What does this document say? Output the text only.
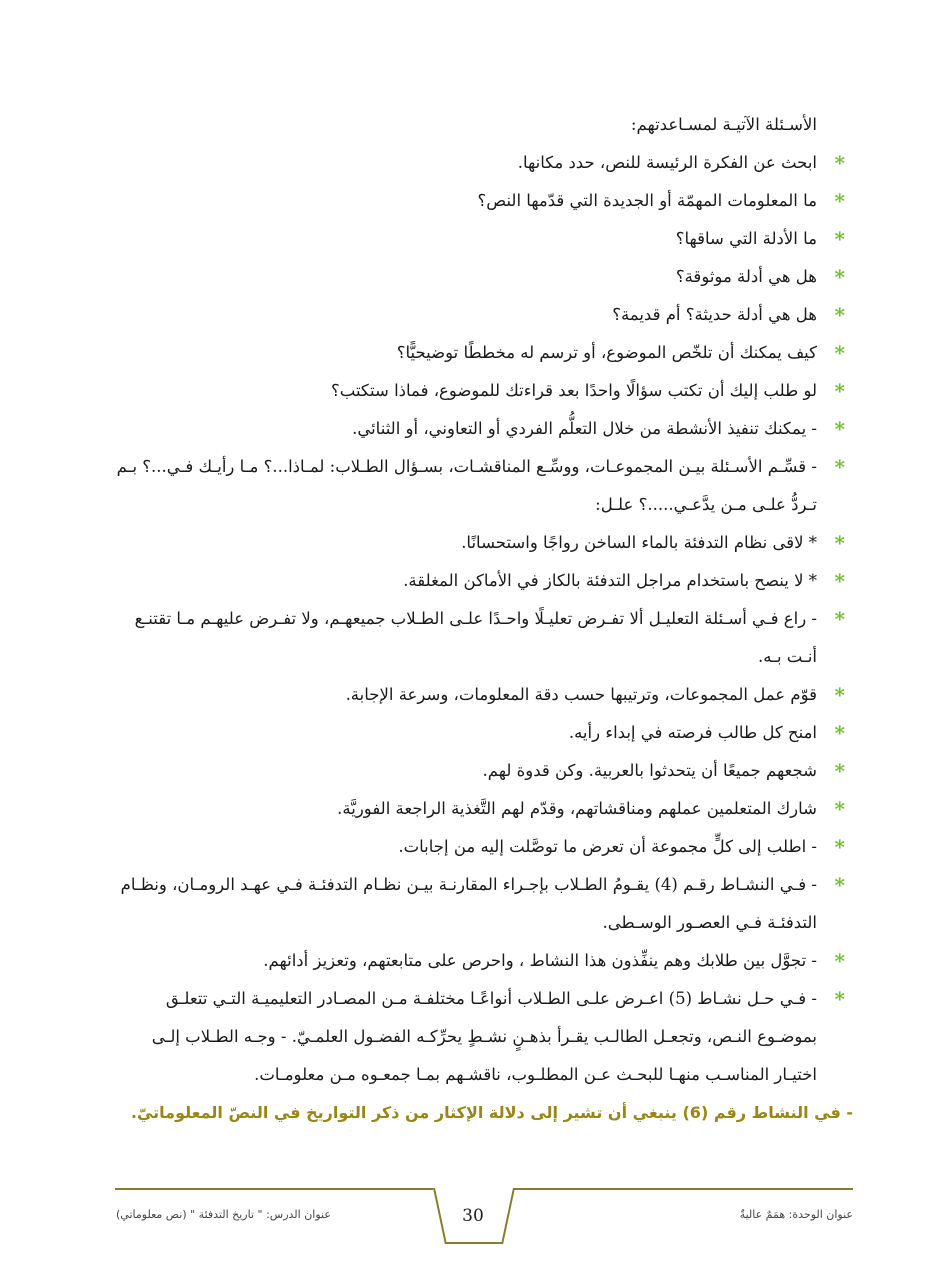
الأسـئلة الآتيـة لمسـاعدتهم:
*
ابحث عن الفكرة الرئيسة للنص، حدد مكانها.
*
ما المعلومات المهمّة أو الجديدة التي قدّمها النص؟
*
ما الأدلة التي ساقها؟
*
هل هي أدلة موثوقة؟
*
هل هي أدلة حديثة؟ أم قديمة؟
*
كيف يمكنك أن تلخّص الموضوع، أو ترسم له مخططًا توضيحيًّا؟
*
لو طلب إليك أن تكتب سؤالًا واحدًا بعد قراءتك للموضوع، فماذا ستكتب؟
*
- يمكنك تنفيذ الأنشطة من خلال التعلُّم الفردي أو التعاوني، أو الثنائي.
*
- قسِّـم الأسـئلة بيـن المجموعـات، ووسِّـع المناقشـات، بسـؤال الطـلاب: لمـاذا...؟ مـا رأيـك فـي...؟ بـم
تـردُّ علـى مـن يدَّعـي.....؟ علـل:
*
* لاقى نظام التدفئة بالماء الساخن رواجًا واستحسانًا.
*
* لا ينصح باستخدام مراجل التدفئة بالكاز في الأماكن المغلقة.
*
- راع فـي أسـئلة التعليـل ألا تفـرض تعليـلًا واحـدًا علـى الطـلاب جميعهـم، ولا تفـرض عليهـم مـا تقتنـع
أنـت بـه.
*
قوّم عمل المجموعات، وترتيبها حسب دقة المعلومات، وسرعة الإجابة.
*
امنح كل طالب فرصته في إبداء رأيه.
*
شجعهم جميعًا أن يتحدثوا بالعربية. وكن قدوة لهم.
*
شارك المتعلمين عملهم ومناقشاتهم، وقدّم لهم التَّغذية الراجعة الفوريَّة.
*
- اطلب إلى كلٍّ مجموعة أن تعرض ما توصَّلت إليه من إجابات.
*
- فـي النشـاط رقـم (4) يقـومُ الطـلاب بإجـراء المقارنـة بيـن نظـام التدفئـة فـي عهـد الرومـان، ونظـام
التدفئـة فـي العصـور الوسـطى.
*
- تجوَّل بين طلابك وهم ينفِّذون هذا النشاط ، واحرص على متابعتهم، وتعزيز أدائهم.
*
- فـي حـل نشـاط (5) اعـرض علـى الطـلاب أنواعًـا مختلفـة مـن المصـادر التعليميـة التـي تتعلـق
بموضـوع النـص، وتجعـل الطالـب يقـرأ بذهـنٍ نشـطٍ يحرِّكـه الفضـول العلمـيّ. - وجـه الطـلاب إلـى
اختيـار المناسـب منهـا للبحـث عـن المطلـوب، ناقشـهم بمـا جمعـوه مـن معلومـات.
- في النشاط رقم (6) ينبغي أن تشير إلى دلالة الإكثار من ذكر التواريخ في النصّ المعلوماتيّ.
30	عنوان الوحدة: همَمٌ عاليةٌ
عنوان الدرس: " تاريخ التدفئة " (نص معلوماتي)
